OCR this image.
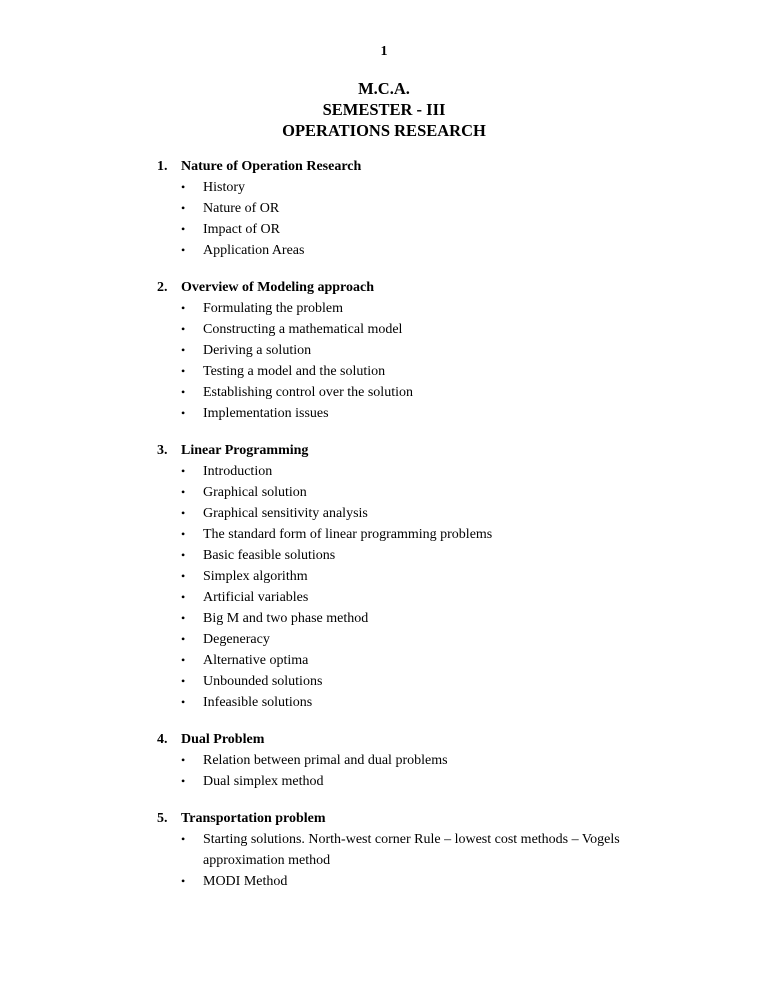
1
M.C.A.
SEMESTER - III
OPERATIONS RESEARCH
1. Nature of Operation Research
•	History
•	Nature of OR
•	Impact of OR
•	Application Areas
2. Overview of Modeling approach
•	Formulating the problem
•	Constructing a mathematical model
•	Deriving a solution
•	Testing a model and the solution
•	Establishing control over the solution
•	Implementation issues
3. Linear Programming
•	Introduction
•	Graphical solution
•	Graphical sensitivity analysis
•	The standard form of linear programming problems
•	Basic feasible solutions
•	Simplex algorithm
•	Artificial variables
•	Big M and two phase method
•	Degeneracy
•	Alternative optima
•	Unbounded solutions
•	Infeasible solutions
4. Dual Problem
•	Relation between primal and dual problems
•	Dual simplex method
5. Transportation problem
•	Starting solutions. North-west corner Rule – lowest cost methods – Vogels approximation method
•	MODI Method
